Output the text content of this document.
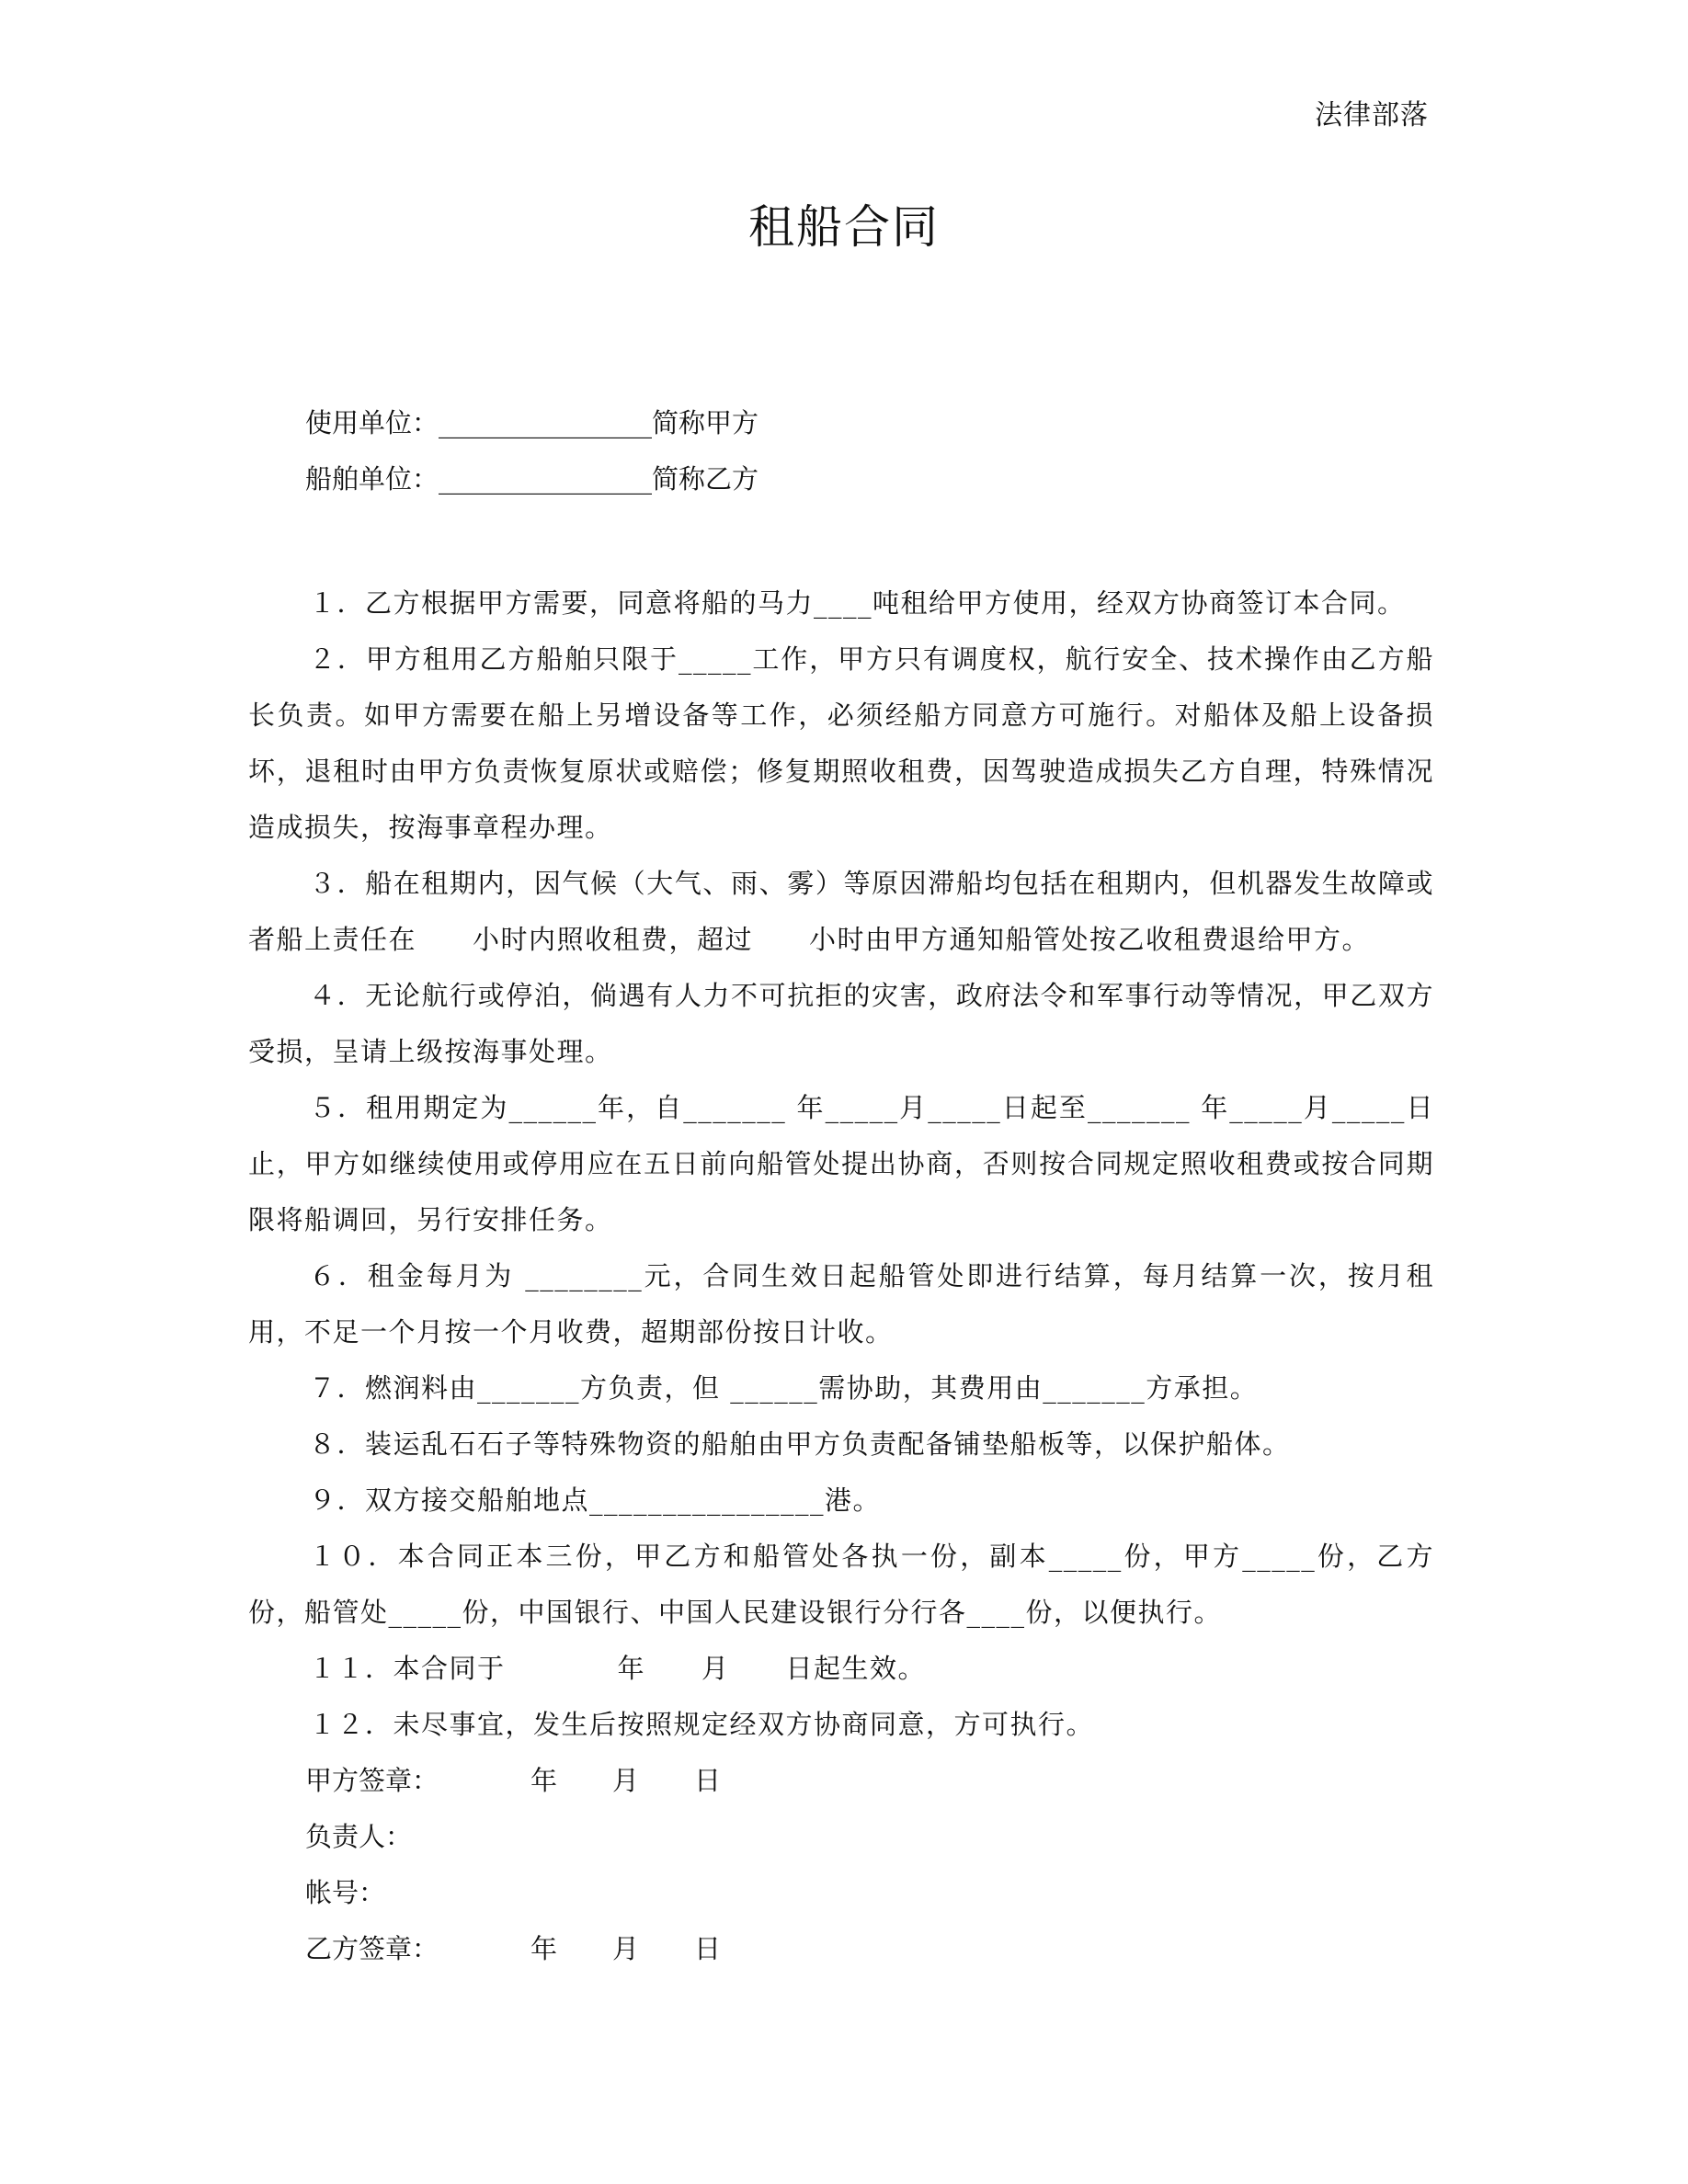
法律部落
租船合同
使用单位：________________简称甲方
船舶单位：________________简称乙方

１．乙方根据甲方需要，同意将船的马力____吨租给甲方使用，经双方协商签订本合同。

２．甲方租用乙方船舶只限于_____工作，甲方只有调度权，航行安全、技术操作由乙方船长负责。如甲方需要在船上另增设备等工作，必须经船方同意方可施行。对船体及船上设备损坏，退租时由甲方负责恢复原状或赔偿；修复期照收租费，因驾驶造成损失乙方自理，特殊情况造成损失，按海事章程办理。

３．船在租期内，因气候（大气、雨、雾）等原因滞船均包括在租期内，但机器发生故障或者船上责任在　　小时内照收租费，超过　　小时由甲方通知船管处按乙收租费退给甲方。

４．无论航行或停泊，倘遇有人力不可抗拒的灾害，政府法令和军事行动等情况，甲乙双方受损，呈请上级按海事处理。

５．租用期定为______年，自_______ 年_____月_____日起至_______ 年_____月_____日止，甲方如继续使用或停用应在五日前向船管处提出协商，否则按合同规定照收租费或按合同期限将船调回，另行安排任务。

６．租金每月为 ________元，合同生效日起船管处即进行结算，每月结算一次，按月租用，不足一个月按一个月收费，超期部份按日计收。

７．燃润料由_______方负责，但 ______需协助，其费用由_______方承担。

８．装运乱石石子等特殊物资的船舶由甲方负责配备铺垫船板等，以保护船体。

９．双方接交船舶地点________________港。

１０．本合同正本三份，甲乙方和船管处各执一份，副本_____份，甲方_____份，乙方份，船管处_____份，中国银行、中国人民建设银行分行各____份，以便执行。

１１．本合同于　　　　年　　月　　日起生效。

１２．未尽事宜，发生后按照规定经双方协商同意，方可执行。

甲方签章：	年 月 日
负责人：
帐号：
乙方签章：	年 月 日
